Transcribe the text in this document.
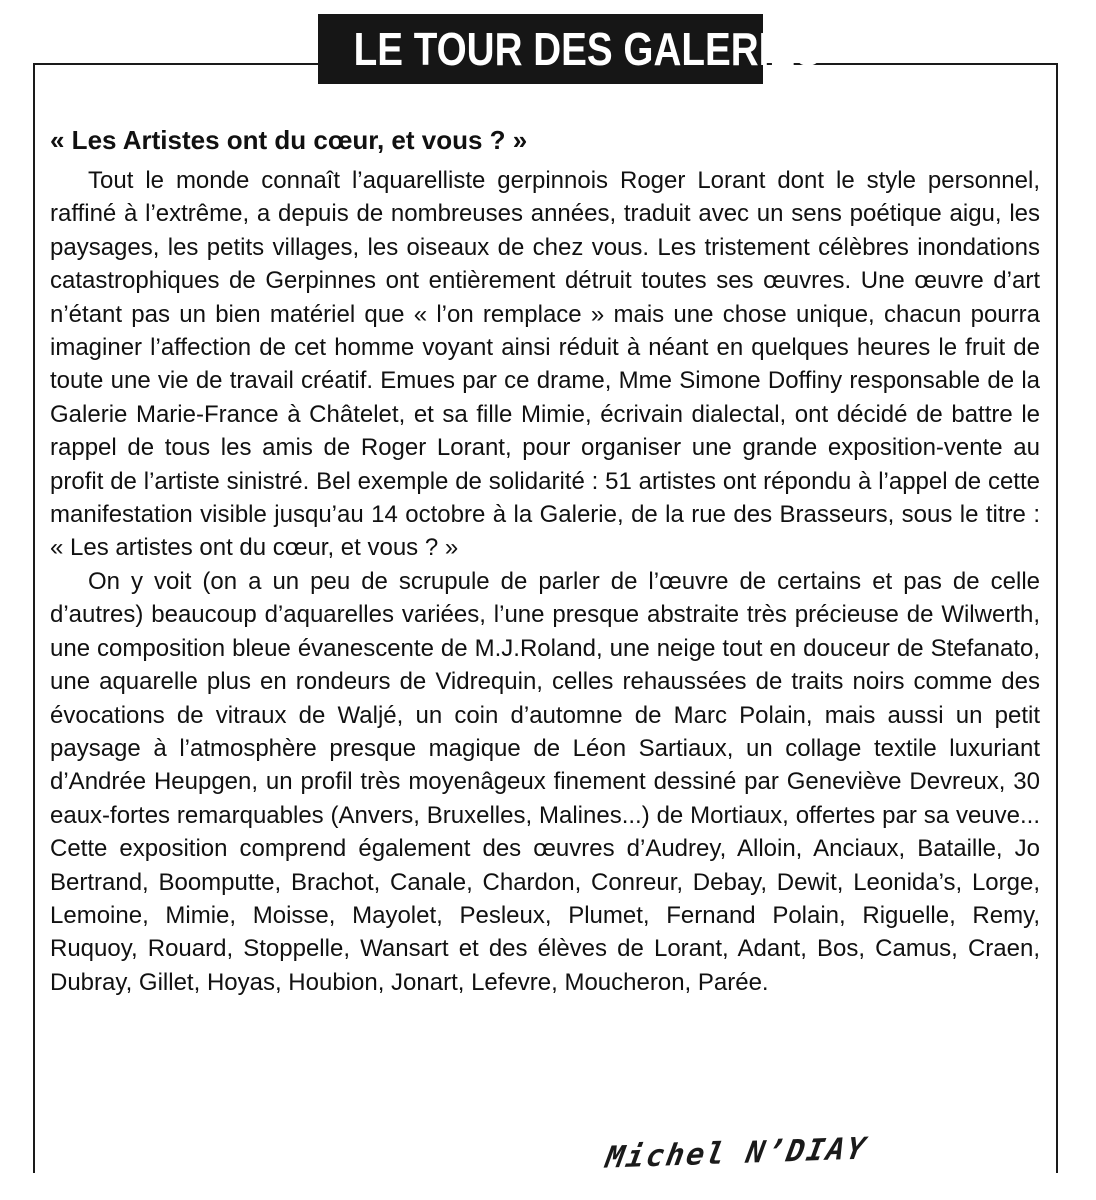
LE TOUR DES GALERIES
« Les Artistes ont du cœur, et vous ? »

Tout le monde connaît l’aquarelliste gerpinnois Roger Lorant dont le style personnel, raffiné à l’extrême, a depuis de nombreuses années, traduit avec un sens poétique aigu, les paysages, les petits villages, les oiseaux de chez vous. Les tristement célèbres inondations catastrophiques de Gerpinnes ont entièrement détruit toutes ses œuvres. Une œuvre d’art n’étant pas un bien matériel que « l’on remplace » mais une chose unique, chacun pourra imaginer l’affection de cet homme voyant ainsi réduit à néant en quelques heures le fruit de toute une vie de travail créatif. Emues par ce drame, Mme Simone Doffiny responsable de la Galerie Marie-France à Châtelet, et sa fille Mimie, écrivain dialectal, ont décidé de battre le rappel de tous les amis de Roger Lorant, pour organiser une grande exposition-vente au profit de l’artiste sinistré. Bel exemple de solidarité : 51 artistes ont répondu à l’appel de cette manifestation visible jusqu’au 14 octobre à la Galerie, de la rue des Brasseurs, sous le titre : « Les artistes ont du cœur, et vous ? »

On y voit (on a un peu de scrupule de parler de l’œuvre de certains et pas de celle d’autres) beaucoup d’aquarelles variées, l’une presque abstraite très précieuse de Wilwerth, une composition bleue évanescente de M.J.Roland, une neige tout en douceur de Stefanato, une aquarelle plus en rondeurs de Vidrequin, celles rehaussées de traits noirs comme des évocations de vitraux de Waljé, un coin d’automne de Marc Polain, mais aussi un petit paysage à l’atmosphère presque magique de Léon Sartiaux, un collage textile luxuriant d’Andrée Heupgen, un profil très moyenâgeux finement dessiné par Geneviève Devreux, 30 eaux-fortes remarquables (Anvers, Bruxelles, Malines...) de Mortiaux, offertes par sa veuve... Cette exposition comprend également des œuvres d’Audrey, Alloin, Anciaux, Bataille, Jo Bertrand, Boomputte, Brachot, Canale, Chardon, Conreur, Debay, Dewit, Leonida’s, Lorge, Lemoine, Mimie, Moisse, Mayolet, Pesleux, Plumet, Fernand Polain, Riguelle, Remy, Ruquoy, Rouard, Stoppelle, Wansart et des élèves de Lorant, Adant, Bos, Camus, Craen, Dubray, Gillet, Hoyas, Houbion, Jonart, Lefevre, Moucheron, Parée.

Michel N’DIAY
